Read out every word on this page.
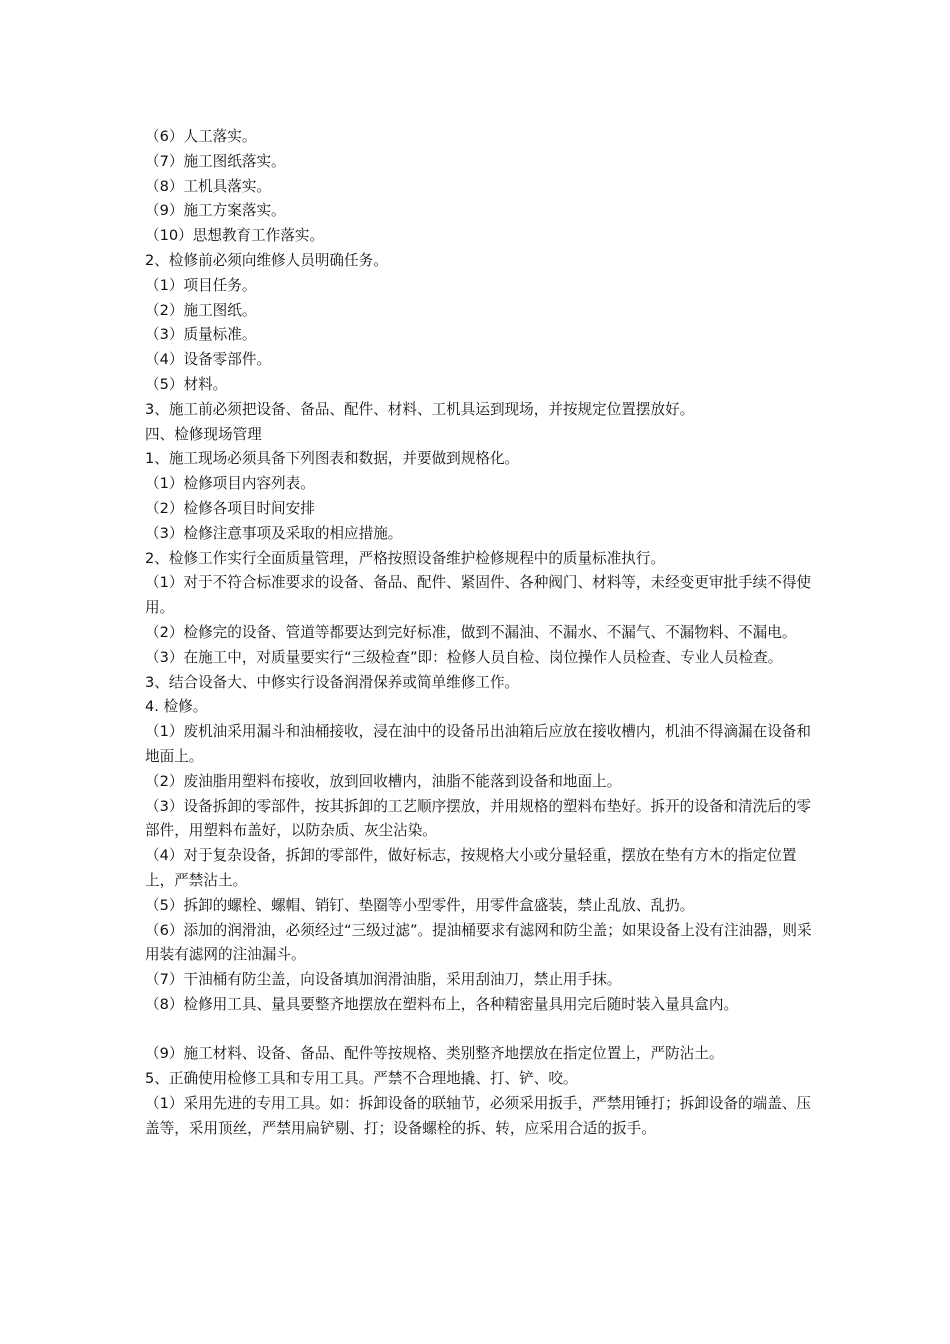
（6）人工落实。

（7）施工图纸落实。

（8）工机具落实。

（9）施工方案落实。

（10）思想教育工作落实。

2、检修前必须向维修人员明确任务。

（1）项目任务。

（2）施工图纸。

（3）质量标准。

（4）设备零部件。

（5）材料。

3、施工前必须把设备、备品、配件、材料、工机具运到现场，并按规定位置摆放好。

四、检修现场管理

1、施工现场必须具备下列图表和数据，并要做到规格化。

（1）检修项目内容列表。

（2）检修各项目时间安排

（3）检修注意事项及采取的相应措施。

2、检修工作实行全面质量管理，严格按照设备维护检修规程中的质量标准执行。

（1）对于不符合标准要求的设备、备品、配件、紧固件、各种阀门、材料等，未经变更审批手续不得使用。

（2）检修完的设备、管道等都要达到完好标准，做到不漏油、不漏水、不漏气、不漏物料、不漏电。

（3）在施工中，对质量要实行“三级检查”即：检修人员自检、岗位操作人员检查、专业人员检查。

3、结合设备大、中修实行设备润滑保养或简单维修工作。

4. 检修。

（1）废机油采用漏斗和油桶接收，浸在油中的设备吊出油箱后应放在接收槽内，机油不得滴漏在设备和地面上。

（2）废油脂用塑料布接收，放到回收槽内，油脂不能落到设备和地面上。

（3）设备拆卸的零部件，按其拆卸的工艺顺序摆放，并用规格的塑料布垫好。拆开的设备和清洗后的零部件，用塑料布盖好，以防杂质、灰尘沾染。

（4）对于复杂设备，拆卸的零部件，做好标志，按规格大小或分量轻重，摆放在垫有方木的指定位置上，严禁沾土。

（5）拆卸的螺栓、螺帽、销钉、垫圈等小型零件，用零件盒盛装，禁止乱放、乱扔。

（6）添加的润滑油，必须经过“三级过滤”。提油桶要求有滤网和防尘盖；如果设备上没有注油器，则采用装有滤网的注油漏斗。

（7）干油桶有防尘盖，向设备填加润滑油脂，采用刮油刀，禁止用手抹。

（8）检修用工具、量具要整齐地摆放在塑料布上，各种精密量具用完后随时装入量具盒内。

（9）施工材料、设备、备品、配件等按规格、类别整齐地摆放在指定位置上，严防沾土。

5、正确使用检修工具和专用工具。严禁不合理地撬、打、铲、咬。

（1）采用先进的专用工具。如：拆卸设备的联轴节，必须采用扳手，严禁用锤打；拆卸设备的端盖、压盖等，采用顶丝，严禁用扁铲剔、打；设备螺栓的拆、转，应采用合适的扳手。
